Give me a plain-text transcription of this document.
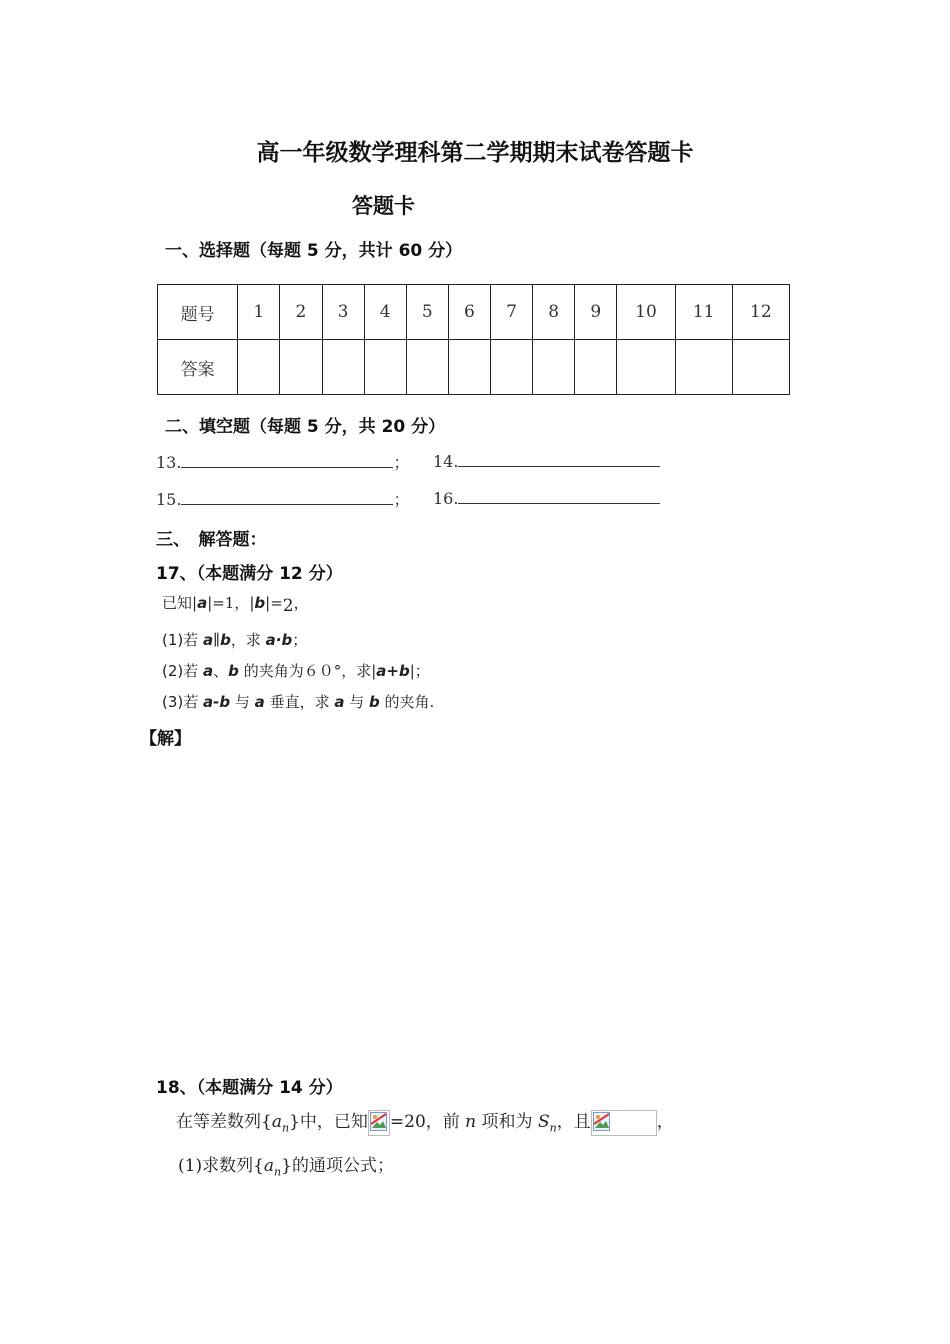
高一年级数学理科第二学期期末试卷答题卡
答题卡
一、选择题（每题 5 分，共计 60 分）
题号	1	2	3	4	5	6	7	8	9	10	11	12
答案												
二、填空题（每题 5 分，共 20 分）
13.	； 14.
15.	； 16.
三、　解答题：
17、（本题满分 12 分）
已知|a|=1，|b|=2，
(1)若 a∥b，求 a·b；
(2)若 a、b 的夹角为６０°，求|a+b|；
(3)若 a-b 与 a 垂直，求 a 与 b 的夹角.
【解】
18、（本题满分 14 分）
在等差数列$\{a_n\}$中，已知 =20，前 n 项和为 $S_n$，且	，
(1)求数列$\{a_n\}$的通项公式；
